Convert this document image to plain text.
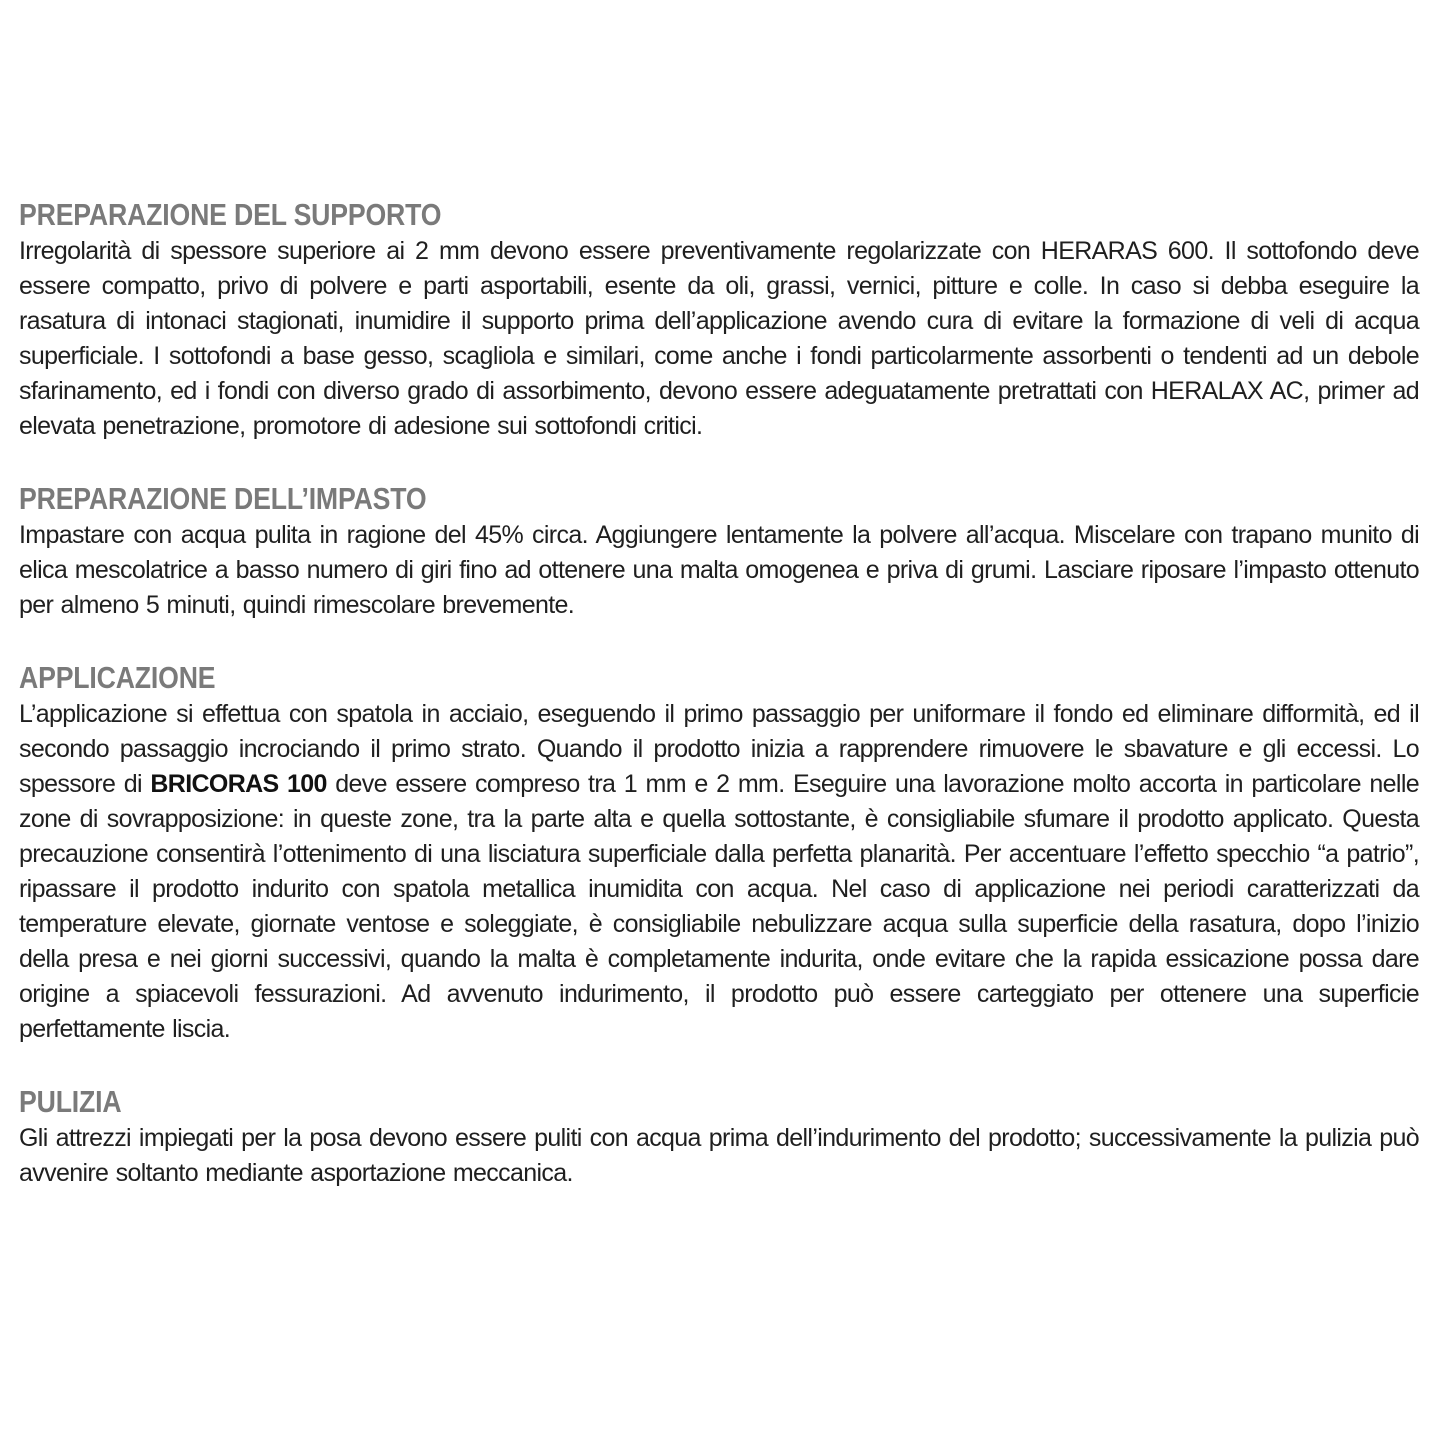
PREPARAZIONE DEL SUPPORTO

Irregolarità di spessore superiore ai 2 mm devono essere preventivamente regolarizzate con HERARAS 600. Il sottofondo deve essere compatto, privo di polvere e parti asportabili, esente da oli, grassi, vernici, pitture e colle. In caso si debba eseguire la rasatura di intonaci stagionati, inumidire il supporto prima dell’applicazione avendo cura di evitare la formazione di veli di acqua superficiale. I sottofondi a base gesso, scagliola e similari, come anche i fondi particolarmente assorbenti o tendenti ad un debole sfarinamento, ed i fondi con diverso grado di assorbimento, devono essere adeguatamente pretrattati con HERALAX AC, primer ad elevata penetrazione, promotore di adesione sui sottofondi critici.

PREPARAZIONE DELL’IMPASTO

Impastare con acqua pulita in ragione del 45% circa. Aggiungere lentamente la polvere all’acqua. Miscelare con trapano munito di elica mescolatrice a basso numero di giri fino ad ottenere una malta omogenea e priva di grumi. Lasciare riposare l’impasto ottenuto per almeno 5 minuti, quindi rimescolare brevemente.

APPLICAZIONE

L’applicazione si effettua con spatola in acciaio, eseguendo il primo passaggio per uniformare il fondo ed eliminare difformità, ed il secondo passaggio incrociando il primo strato. Quando il prodotto inizia a rapprendere rimuovere le sbavature e gli eccessi. Lo spessore di BRICORAS 100 deve essere compreso tra 1 mm e 2 mm. Eseguire una lavorazione molto accorta in particolare nelle zone di sovrapposizione: in queste zone, tra la parte alta e quella sottostante, è consigliabile sfumare il prodotto applicato. Questa precauzione consentirà l’ottenimento di una lisciatura superficiale dalla perfetta planarità. Per accentuare l’effetto specchio “a patrio”, ripassare il prodotto indurito con spatola metallica inumidita con acqua. Nel caso di applicazione nei periodi caratterizzati da temperature elevate, giornate ventose e soleggiate, è consigliabile nebulizzare acqua sulla superficie della rasatura, dopo l’inizio della presa e nei giorni successivi, quando la malta è completamente indurita, onde evitare che la rapida essicazione possa dare origine a spiacevoli fessurazioni. Ad avvenuto indurimento, il prodotto può essere carteggiato per ottenere una superficie perfettamente liscia.

PULIZIA

Gli attrezzi impiegati per la posa devono essere puliti con acqua prima dell’indurimento del prodotto; successivamente la pulizia può avvenire soltanto mediante asportazione meccanica.
